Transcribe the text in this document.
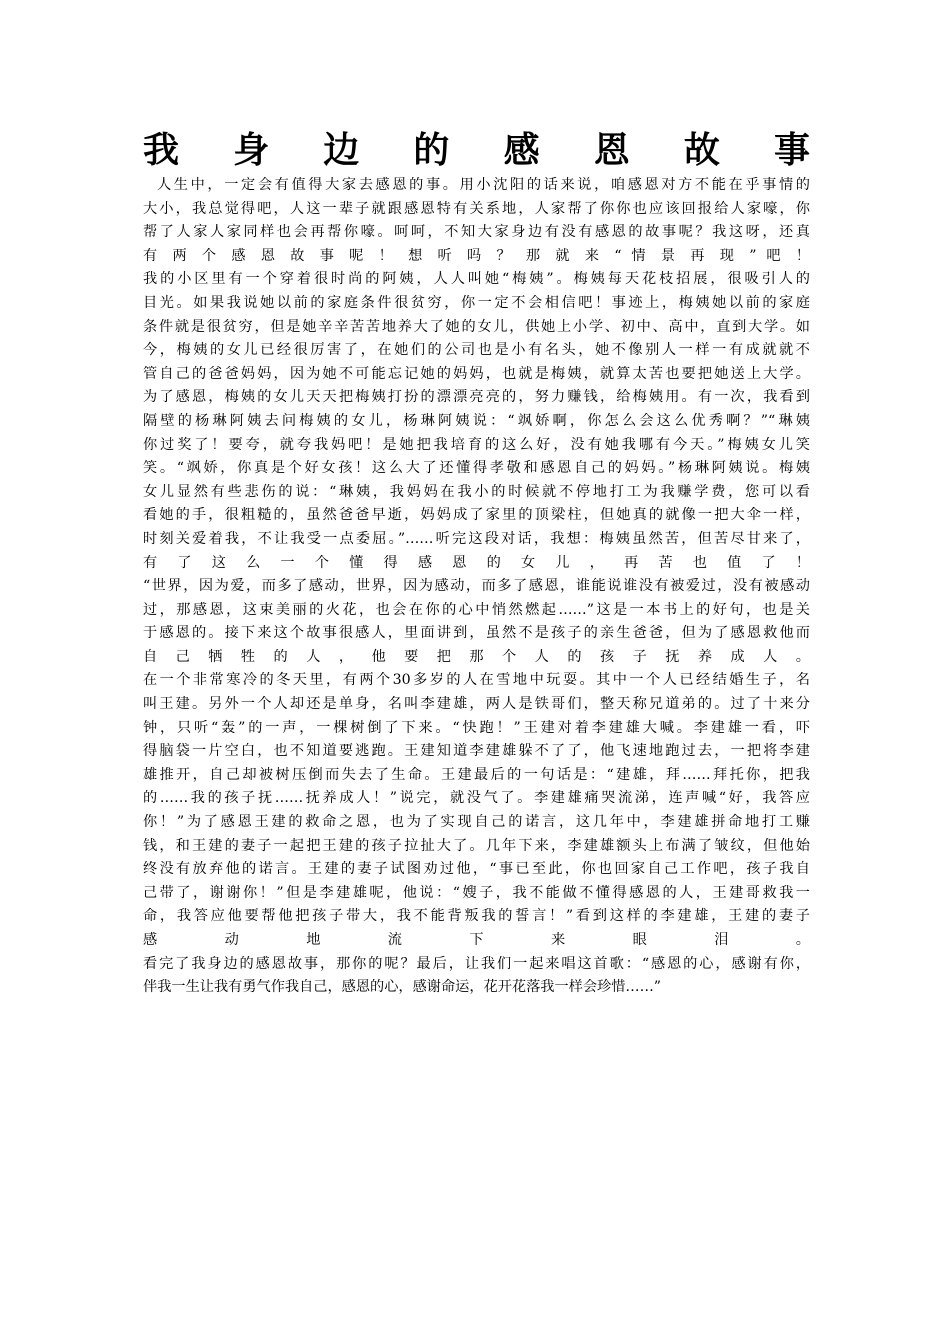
我 身 边 的 感 恩 故 事
人生中，一定会有值得大家去感恩的事。用小沈阳的话来说，咱感恩对方不能在乎事情的
大小，我总觉得吧，人这一辈子就跟感恩特有关系地，人家帮了你你也应该回报给人家嚎，你
帮了人家人家同样也会再帮你嚎。呵呵，不知大家身边有没有感恩的故事呢？我这呀，还真
有 两 个 感 恩 故 事 呢 ！ 想 听 吗 ？ 那 就 来 “ 情 景 再 现 ” 吧 ！
我的小区里有一个穿着很时尚的阿姨，人人叫她“梅姨”。梅姨每天花枝招展，很吸引人的
目光。如果我说她以前的家庭条件很贫穷，你一定不会相信吧！事迹上，梅姨她以前的家庭
条件就是很贫穷，但是她辛辛苦苦地养大了她的女儿，供她上小学、初中、高中，直到大学。如
今，梅姨的女儿已经很厉害了，在她们的公司也是小有名头，她不像别人一样一有成就就不
管自己的爸爸妈妈，因为她不可能忘记她的妈妈，也就是梅姨，就算太苦也要把她送上大学。
为了感恩，梅姨的女儿天天把梅姨打扮的漂漂亮亮的，努力赚钱，给梅姨用。有一次，我看到
隔壁的杨琳阿姨去问梅姨的女儿，杨琳阿姨说：“飒娇啊，你怎么会这么优秀啊？”“琳姨
你过奖了！要夸，就夸我妈吧！是她把我培育的这么好，没有她我哪有今天。”梅姨女儿笑
笑。“飒娇，你真是个好女孩！这么大了还懂得孝敬和感恩自己的妈妈。”杨琳阿姨说。梅姨
女儿显然有些悲伤的说：“琳姨，我妈妈在我小的时候就不停地打工为我赚学费，您可以看
看她的手，很粗糙的，虽然爸爸早逝，妈妈成了家里的顶梁柱，但她真的就像一把大伞一样，
时刻关爱着我，不让我受一点委屈。”……听完这段对话，我想：梅姨虽然苦，但苦尽甘来了，
有 了 这 么 一 个 懂 得 感 恩 的 女 儿 ， 再 苦 也 值 了 ！
“世界，因为爱，而多了感动，世界，因为感动，而多了感恩，谁能说谁没有被爱过，没有被感动
过，那感恩，这束美丽的火花，也会在你的心中悄然燃起……”这是一本书上的好句，也是关
于感恩的。接下来这个故事很感人，里面讲到，虽然不是孩子的亲生爸爸，但为了感恩救他而
自 己 牺 牲 的 人 ， 他 要 把 那 个 人 的 孩 子 抚 养 成 人 。
在一个非常寒冷的冬天里，有两个30多岁的人在雪地中玩耍。其中一个人已经结婚生子，名
叫王建。另外一个人却还是单身，名叫李建雄，两人是铁哥们，整天称兄道弟的。过了十来分
钟，只听“轰”的一声，一棵树倒了下来。“快跑！”王建对着李建雄大喊。李建雄一看，吓
得脑袋一片空白，也不知道要逃跑。王建知道李建雄躲不了了，他飞速地跑过去，一把将李建
雄推开，自己却被树压倒而失去了生命。王建最后的一句话是：“建雄，拜……拜托你，把我
的……我的孩子抚……抚养成人！”说完，就没气了。李建雄痛哭流涕，连声喊“好，我答应
你！”为了感恩王建的救命之恩，也为了实现自己的诺言，这几年中，李建雄拼命地打工赚
钱，和王建的妻子一起把王建的孩子拉扯大了。几年下来，李建雄额头上布满了皱纹，但他始
终没有放弃他的诺言。王建的妻子试图劝过他，“事已至此，你也回家自己工作吧，孩子我自
己带了，谢谢你！”但是李建雄呢，他说：“嫂子，我不能做不懂得感恩的人，王建哥救我一
命，我答应他要帮他把孩子带大，我不能背叛我的誓言！”看到这样的李建雄，王建的妻子
感 动 地 流 下 来 眼 泪 。
看完了我身边的感恩故事，那你的呢？最后，让我们一起来唱这首歌：“感恩的心，感谢有你，
伴我一生让我有勇气作我自己，感恩的心，感谢命运，花开花落我一样会珍惜……”
